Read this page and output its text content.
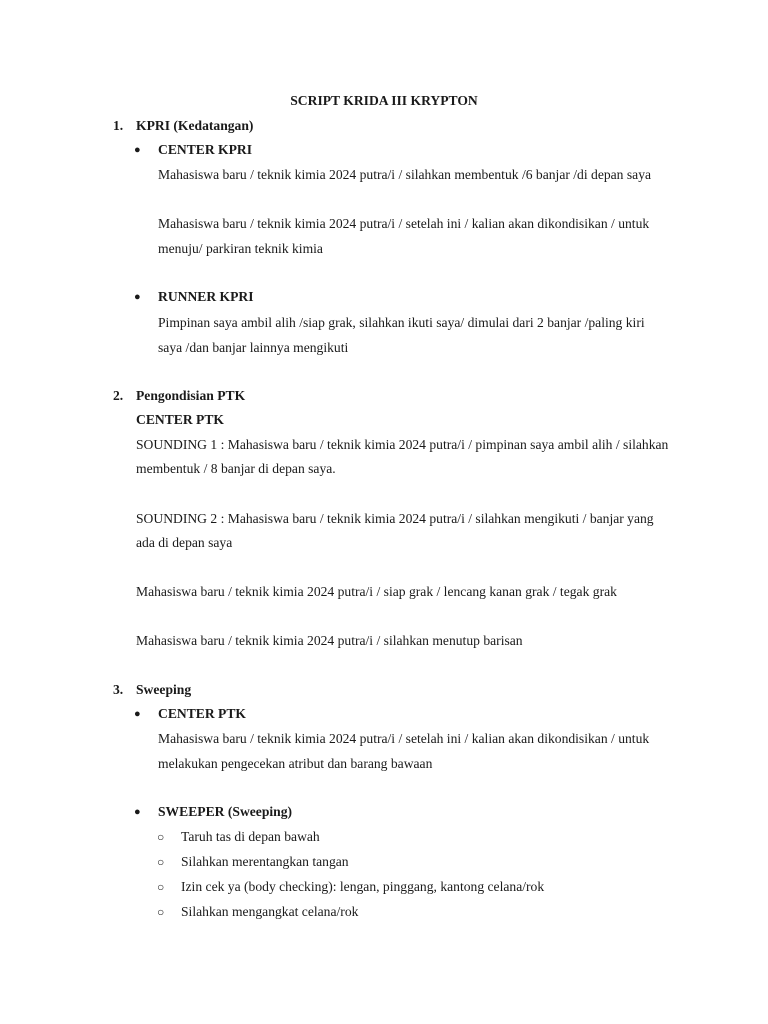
SCRIPT KRIDA III KRYPTON
1. KPRI (Kedatangan)
● CENTER KPRI
Mahasiswa baru / teknik kimia 2024 putra/i / silahkan membentuk /6 banjar /di depan saya
Mahasiswa baru / teknik kimia 2024 putra/i / setelah ini / kalian akan dikondisikan / untuk
menuju/ parkiran teknik kimia
● RUNNER KPRI
Pimpinan saya ambil alih /siap grak, silahkan ikuti saya/ dimulai dari 2 banjar /paling kiri
saya /dan banjar lainnya mengikuti
2. Pengondisian PTK
CENTER PTK
SOUNDING 1 : Mahasiswa baru / teknik kimia 2024 putra/i / pimpinan saya ambil alih / silahkan
membentuk / 8 banjar di depan saya.
SOUNDING 2 : Mahasiswa baru / teknik kimia 2024 putra/i / silahkan mengikuti / banjar yang
ada di depan saya
Mahasiswa baru / teknik kimia 2024 putra/i / siap grak / lencang kanan grak / tegak grak
Mahasiswa baru / teknik kimia 2024 putra/i / silahkan menutup barisan
3. Sweeping
● CENTER PTK
Mahasiswa baru / teknik kimia 2024 putra/i / setelah ini / kalian akan dikondisikan / untuk
melakukan pengecekan atribut dan barang bawaan
● SWEEPER (Sweeping)
○ Taruh tas di depan bawah
○ Silahkan merentangkan tangan
○ Izin cek ya (body checking): lengan, pinggang, kantong celana/rok
○ Silahkan mengangkat celana/rok
